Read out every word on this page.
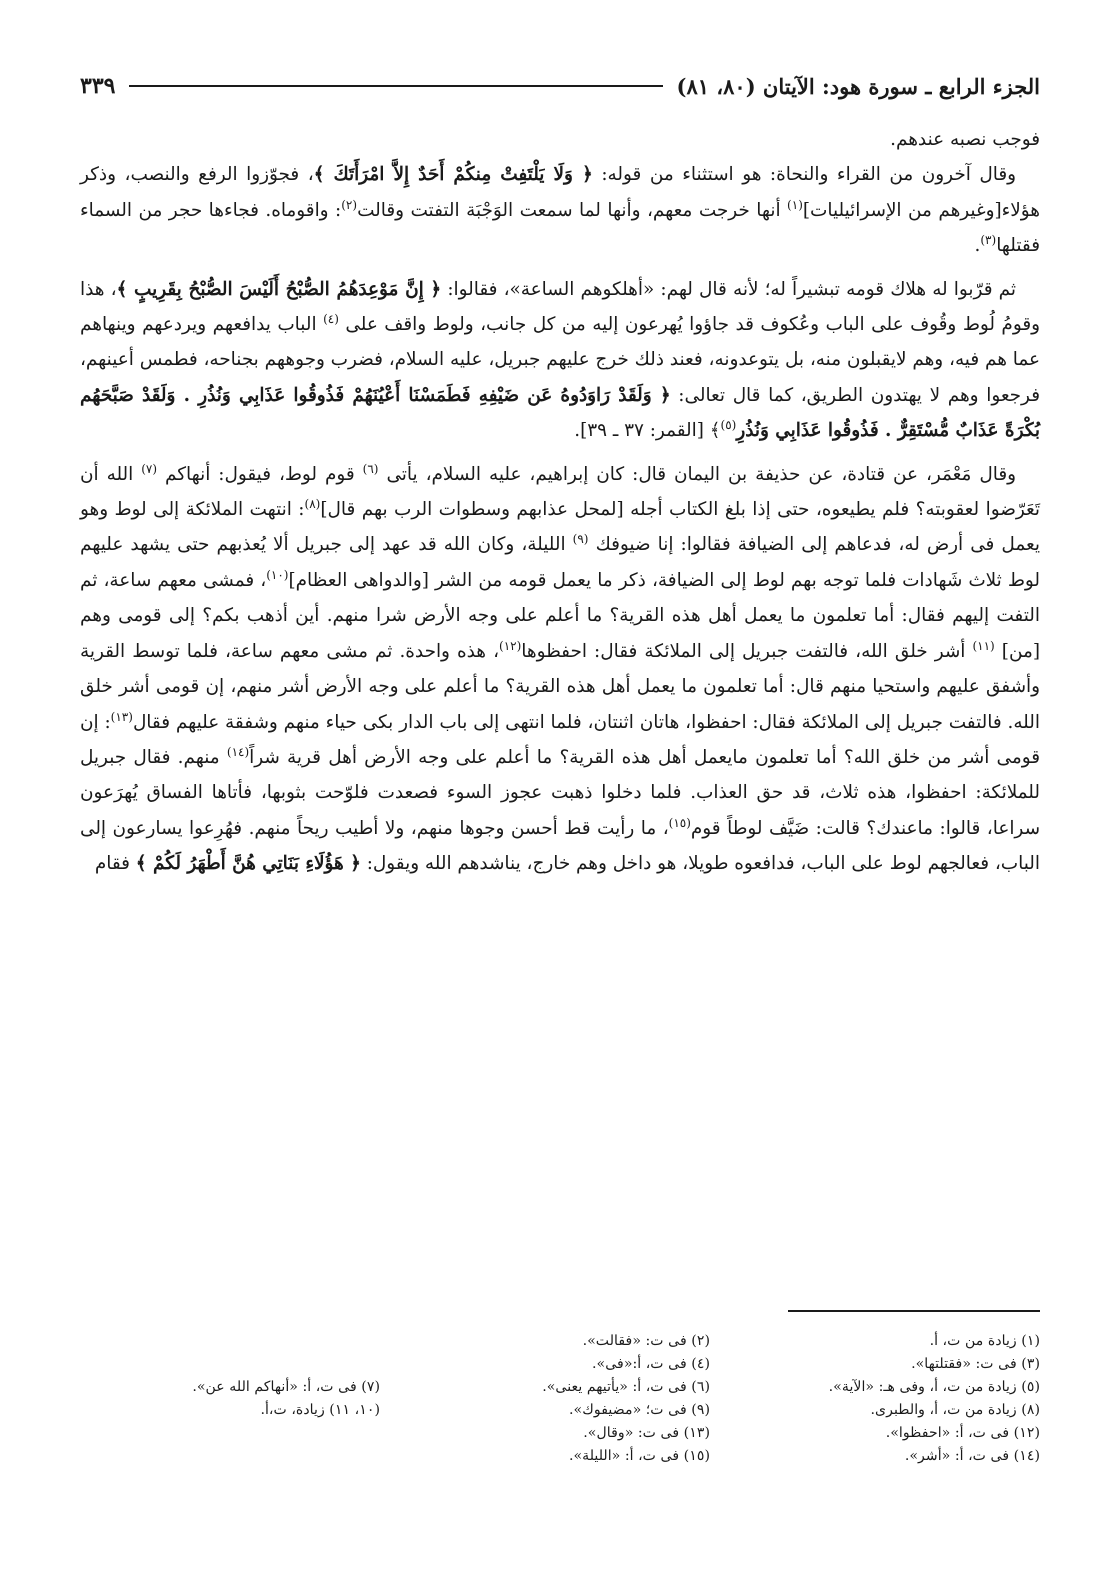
الجزء الرابع ـ سورة هود: الآيتان (٨٠، ٨١)
٣٣٩

فوجب نصبه عندهم.

وقال آخرون من القراء والنحاة: هو استثناء من قوله: ﴿ وَلَا يَلْتَفِتْ مِنكُمْ أَحَدٌ إِلاَّ امْرَأَتَكَ ﴾، فجوّزوا الرفع والنصب، وذكر هؤلاء[وغيرهم من الإسرائيليات]$^{(١)}$ أنها خرجت معهم، وأنها لما سمعت الوَجْبَة التفتت وقالت$^{(٢)}$: واقوماه. فجاءها حجر من السماء فقتلها$^{(٣)}$.

ثم قرّبوا له هلاك قومه تبشيراً له؛ لأنه قال لهم: «أهلكوهم الساعة»، فقالوا: ﴿ إِنَّ مَوْعِدَهُمُ الصُّبْحُ أَلَيْسَ الصُّبْحُ بِقَرِيبٍ ﴾، هذا وقومُ لُوط وقُوف على الباب وعُكوف قد جاؤوا يُهرعون إليه من كل جانب، ولوط واقف على $^{(٤)}$ الباب يدافعهم ويردعهم وينهاهم عما هم فيه، وهم لايقبلون منه، بل يتوعدونه، فعند ذلك خرج عليهم جبريل، عليه السلام، فضرب وجوههم بجناحه، فطمس أعينهم، فرجعوا وهم لا يهتدون الطريق، كما قال تعالى: ﴿ وَلَقَدْ رَاوَدُوهُ عَن ضَيْفِهِ فَطَمَسْنَا أَعْيُنَهُمْ فَذُوقُوا عَذَابِي وَنُذُرِ . وَلَقَدْ صَبَّحَهُم بُكْرَةً عَذَابٌ مُّسْتَقِرٌّ . فَذُوقُوا عَذَابِي وَنُذُرِ$^{(٥)}$﴾ [القمر: ٣٧ ـ ٣٩].

وقال مَعْمَر، عن قتادة، عن حذيفة بن اليمان قال: كان إبراهيم، عليه السلام، يأتى $^{(٦)}$ قوم لوط، فيقول: أنهاكم $^{(٧)}$ الله أن تَعَرّضوا لعقوبته؟ فلم يطيعوه، حتى إذا بلغ الكتاب أجله [لمحل عذابهم وسطوات الرب بهم قال]$^{(٨)}$: انتهت الملائكة إلى لوط وهو يعمل فى أرض له، فدعاهم إلى الضيافة فقالوا: إنا ضيوفك $^{(٩)}$ الليلة، وكان الله قد عهد إلى جبريل ألا يُعذبهم حتى يشهد عليهم لوط ثلاث شَهادات فلما توجه بهم لوط إلى الضيافة، ذكر ما يعمل قومه من الشر [والدواهى العظام]$^{(١٠)}$، فمشى معهم ساعة، ثم التفت إليهم فقال: أما تعلمون ما يعمل أهل هذه القرية؟ ما أعلم على وجه الأرض شرا منهم. أين أذهب بكم؟ إلى قومى وهم [من] $^{(١١)}$ أشر خلق الله، فالتفت جبريل إلى الملائكة فقال: احفظوها$^{(١٢)}$، هذه واحدة. ثم مشى معهم ساعة، فلما توسط القرية وأشفق عليهم واستحيا منهم قال: أما تعلمون ما يعمل أهل هذه القرية؟ ما أعلم على وجه الأرض أشر منهم، إن قومى أشر خلق الله. فالتفت جبريل إلى الملائكة فقال: احفظوا، هاتان اثنتان، فلما انتهى إلى باب الدار بكى حياء منهم وشفقة عليهم فقال$^{(١٣)}$: إن قومى أشر من خلق الله؟ أما تعلمون مايعمل أهل هذه القرية؟ ما أعلم على وجه الأرض أهل قرية شراً$^{(١٤)}$ منهم. فقال جبريل للملائكة: احفظوا، هذه ثلاث، قد حق العذاب. فلما دخلوا ذهبت عجوز السوء فصعدت فلوّحت بثوبها، فأتاها الفساق يُهرَعون سراعا، قالوا: ماعندك؟ قالت: ضَيَّف لوطاً قوم$^{(١٥)}$، ما رأيت قط أحسن وجوها منهم، ولا أطيب ريحاً منهم. فهُرِعوا يسارعون إلى الباب، فعالجهم لوط على الباب، فدافعوه طويلا، هو داخل وهم خارج، يناشدهم الله ويقول: ﴿ هَؤُلَاءِ بَنَاتِي هُنَّ أَطْهَرُ لَكُمْ ﴾ فقام

(١) زيادة من ت، أ.
(٢) فى ت: «فقالت».
(٣) فى ت: «فقتلتها».
(٤) فى ت، أ:«فى».
(٥) زيادة من ت، أ، وفى هـ: «الآية».
(٦) فى ت، أ: «يأتيهم يعنى».
(٧) فى ت، أ: «أنهاكم الله عن».
(٨) زيادة من ت، أ، والطبرى.
(٩) فى ت؛ «مضيفوك».
(١٠، ١١) زيادة، ت،أ.
(١٢) فى ت، أ: «احفظوا».
(١٣) فى ت: «وقال».
(١٤) فى ت، أ: «أشر».
(١٥) فى ت، أ: «الليلة».
